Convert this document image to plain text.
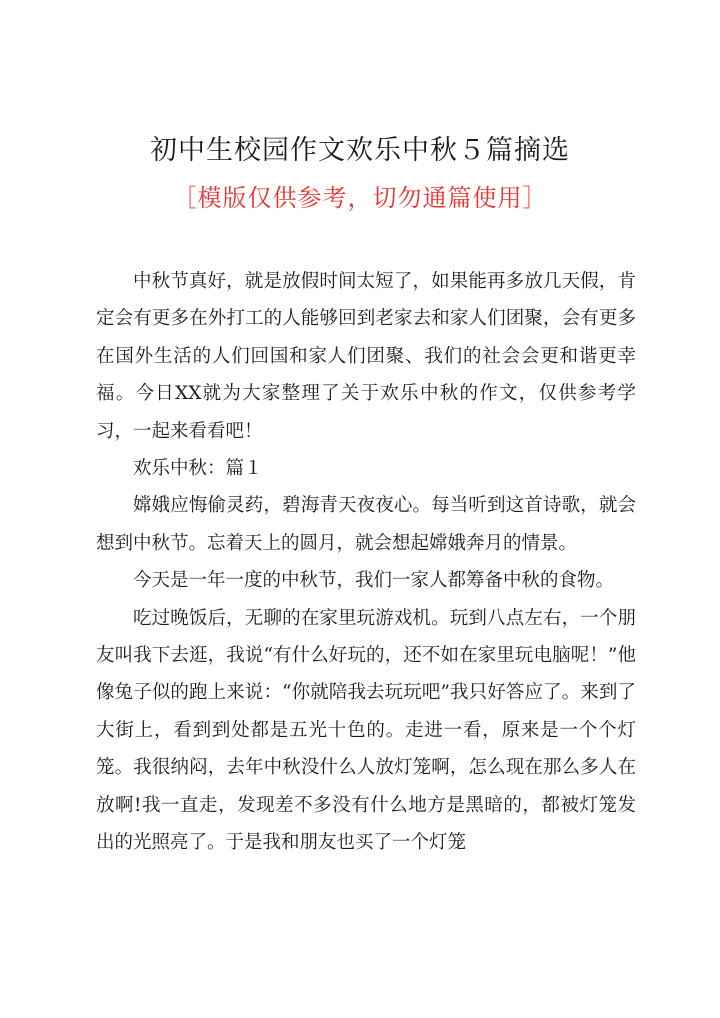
初中生校园作文欢乐中秋５篇摘选
［模版仅供参考，切勿通篇使用］

中秋节真好，就是放假时间太短了，如果能再多放几天假，肯定会有更多在外打工的人能够回到老家去和家人们团聚，会有更多在国外生活的人们回国和家人们团聚、我们的社会会更和谐更幸福。今日XX就为大家整理了关于欢乐中秋的作文，仅供参考学习，一起来看看吧！

欢乐中秋：篇１

嫦娥应悔偷灵药，碧海青天夜夜心。每当听到这首诗歌，就会想到中秋节。忘着天上的圆月，就会想起嫦娥奔月的情景。

今天是一年一度的中秋节，我们一家人都筹备中秋的食物。

吃过晚饭后，无聊的在家里玩游戏机。玩到八点左右，一个朋友叫我下去逛，我说“有什么好玩的，还不如在家里玩电脑呢！”他像兔子似的跑上来说：“你就陪我去玩玩吧”我只好答应了。来到了大街上，看到到处都是五光十色的。走进一看，原来是一个个灯笼。我很纳闷，去年中秋没什么人放灯笼啊，怎么现在那么多人在放啊!我一直走，发现差不多没有什么地方是黑暗的，都被灯笼发出的光照亮了。于是我和朋友也买了一个灯笼
